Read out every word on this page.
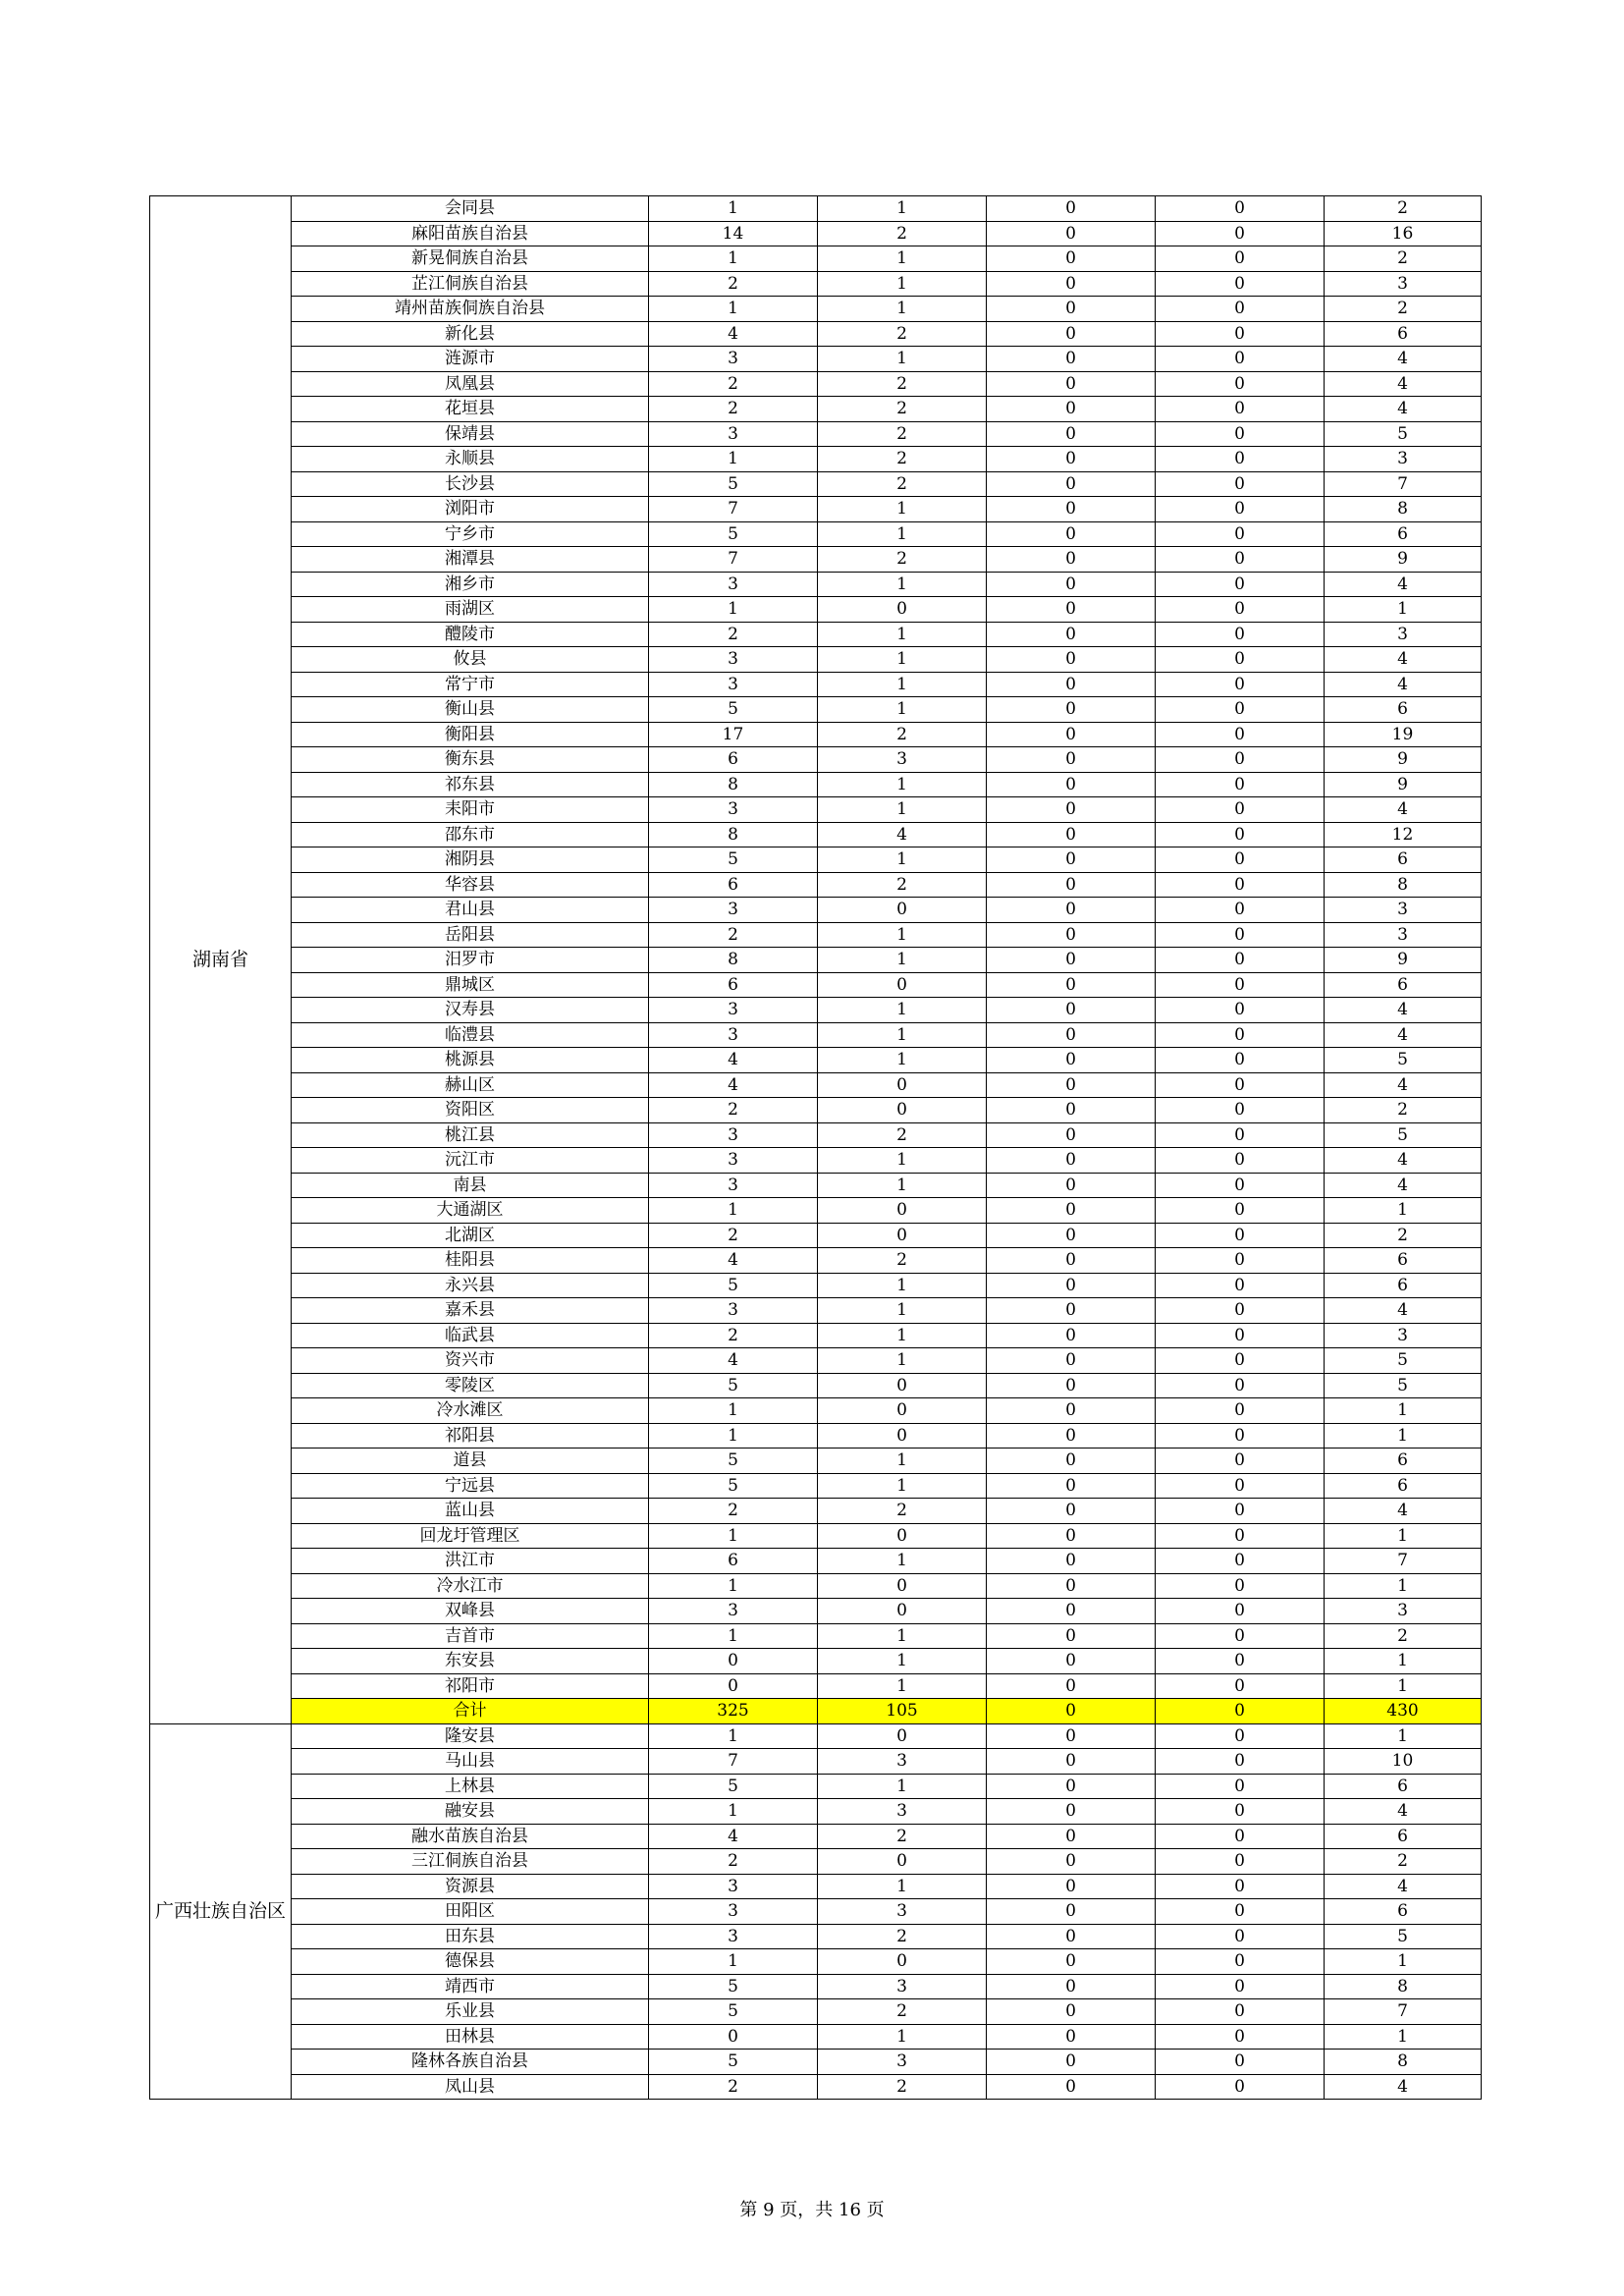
湖南省	会同县	1	1	0	0	2
	麻阳苗族自治县	14	2	0	0	16
	新晃侗族自治县	1	1	0	0	2
	芷江侗族自治县	2	1	0	0	3
	靖州苗族侗族自治县	1	1	0	0	2
	新化县	4	2	0	0	6
	涟源市	3	1	0	0	4
	凤凰县	2	2	0	0	4
	花垣县	2	2	0	0	4
	保靖县	3	2	0	0	5
	永顺县	1	2	0	0	3
	长沙县	5	2	0	0	7
	浏阳市	7	1	0	0	8
	宁乡市	5	1	0	0	6
	湘潭县	7	2	0	0	9
	湘乡市	3	1	0	0	4
	雨湖区	1	0	0	0	1
	醴陵市	2	1	0	0	3
	攸县	3	1	0	0	4
	常宁市	3	1	0	0	4
	衡山县	5	1	0	0	6
	衡阳县	17	2	0	0	19
	衡东县	6	3	0	0	9
	祁东县	8	1	0	0	9
	耒阳市	3	1	0	0	4
	邵东市	8	4	0	0	12
	湘阴县	5	1	0	0	6
	华容县	6	2	0	0	8
	君山县	3	0	0	0	3
	岳阳县	2	1	0	0	3
	汨罗市	8	1	0	0	9
	鼎城区	6	0	0	0	6
	汉寿县	3	1	0	0	4
	临澧县	3	1	0	0	4
	桃源县	4	1	0	0	5
	赫山区	4	0	0	0	4
	资阳区	2	0	0	0	2
	桃江县	3	2	0	0	5
	沅江市	3	1	0	0	4
	南县	3	1	0	0	4
	大通湖区	1	0	0	0	1
	北湖区	2	0	0	0	2
	桂阳县	4	2	0	0	6
	永兴县	5	1	0	0	6
	嘉禾县	3	1	0	0	4
	临武县	2	1	0	0	3
	资兴市	4	1	0	0	5
	零陵区	5	0	0	0	5
	冷水滩区	1	0	0	0	1
	祁阳县	1	0	0	0	1
	道县	5	1	0	0	6
	宁远县	5	1	0	0	6
	蓝山县	2	2	0	0	4
	回龙圩管理区	1	0	0	0	1
	洪江市	6	1	0	0	7
	冷水江市	1	0	0	0	1
	双峰县	3	0	0	0	3
	吉首市	1	1	0	0	2
	东安县	0	1	0	0	1
	祁阳市	0	1	0	0	1
	合计	325	105	0	0	430
广西壮族自治区	隆安县	1	0	0	0	1
	马山县	7	3	0	0	10
	上林县	5	1	0	0	6
	融安县	1	3	0	0	4
	融水苗族自治县	4	2	0	0	6
	三江侗族自治县	2	0	0	0	2
	资源县	3	1	0	0	4
	田阳区	3	3	0	0	6
	田东县	3	2	0	0	5
	德保县	1	0	0	0	1
	靖西市	5	3	0	0	8
	乐业县	5	2	0	0	7
	田林县	0	1	0	0	1
	隆林各族自治县	5	3	0	0	8
	凤山县	2	2	0	0	4
第 9 页，共 16 页
